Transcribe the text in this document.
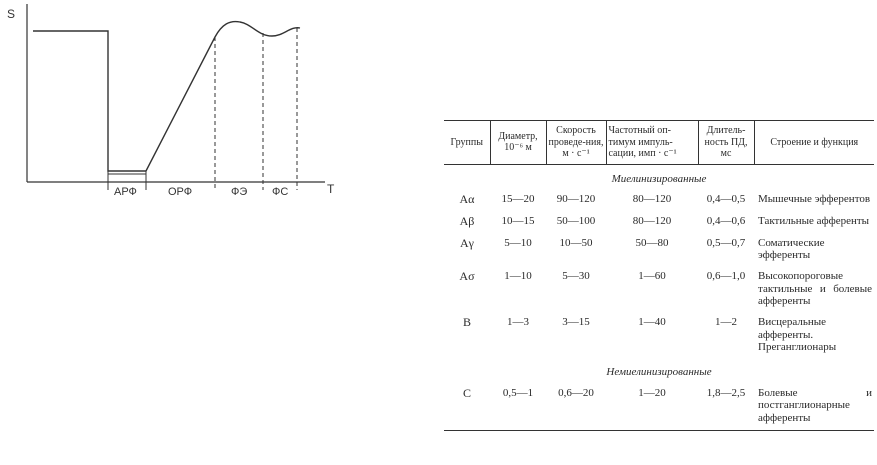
S
T
АРФ	ОРФ	ФЭ ФС
Группы	Диаметр, 10⁻⁶ м	Скорость проведе-ния, м · с⁻¹	Частотный оп-тимум импуль-сации, имп · с⁻¹	Длитель-ность ПД, мс	Строение и функция
Миелинизированные					
Aα	15—20	90—120	80—120	0,4—0,5	Мышечные эфферентов
Aβ	10—15	50—100	80—120	0,4—0,6	Тактильные афференты
Aγ	5—10	10—50	50—80	0,5—0,7	Соматические эфференты
Aσ	1—10	5—30	1—60	0,6—1,0	Высокопороговые тактильные и болевые афференты
B	1—3	3—15	1—40	1—2	Висцеральные афференты. Преганглионары
Немиелинизированные					
C	0,5—1	0,6—20	1—20	1,8—2,5	Болевые и постганглионарные афференты
